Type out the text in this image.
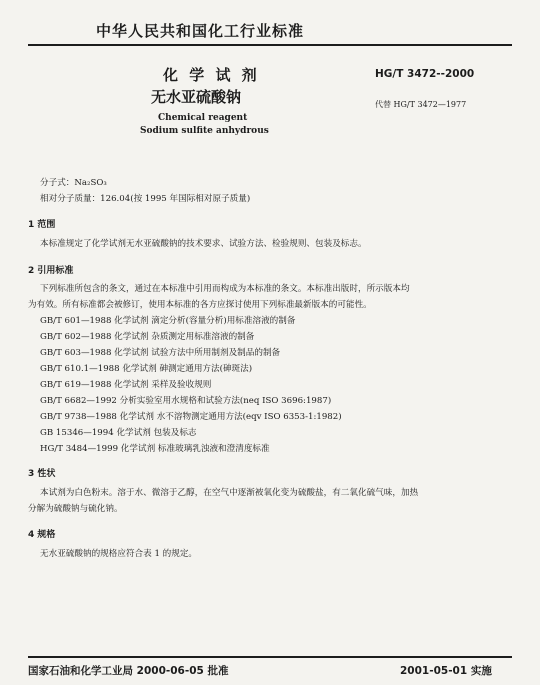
中华人民共和国化工行业标准
化 学 试 剂
无水亚硫酸钠
HG/T 3472--2000
代替 HG/T 3472—1977
Chemical reagent
Sodium sulfite anhydrous
分子式：Na₂SO₃
相对分子质量：126.04(按 1995 年国际相对原子质量)
1 范围
本标准规定了化学试剂无水亚硫酸钠的技术要求、试验方法、检验规则、包装及标志。
2 引用标准
下列标准所包含的条文，通过在本标准中引用而构成为本标准的条文。本标准出版时，所示版本均
为有效。所有标准都会被修订，使用本标准的各方应探讨使用下列标准最新版本的可能性。
GB/T 601—1988 化学试剂 滴定分析(容量分析)用标准溶液的制备
GB/T 602—1988 化学试剂 杂质测定用标准溶液的制备
GB/T 603—1988 化学试剂 试验方法中所用制剂及制品的制备
GB/T 610.1—1988 化学试剂 砷测定通用方法(砷斑法)
GB/T 619—1988 化学试剂 采样及验收规则
GB/T 6682—1992 分析实验室用水规格和试验方法(neq ISO 3696:1987)
GB/T 9738—1988 化学试剂 水不溶物测定通用方法(eqv ISO 6353-1:1982)
GB 15346—1994 化学试剂 包装及标志
HG/T 3484—1999 化学试剂 标准玻璃乳浊液和澄清度标准
3 性状
本试剂为白色粉末。溶于水、微溶于乙醇，在空气中逐渐被氧化变为硫酸盐，有二氧化硫气味，加热
分解为硫酸钠与硫化钠。
4 规格
无水亚硫酸钠的规格应符合表 1 的规定。
国家石油和化学工业局 2000-06-05 批准	2001-05-01 实施
